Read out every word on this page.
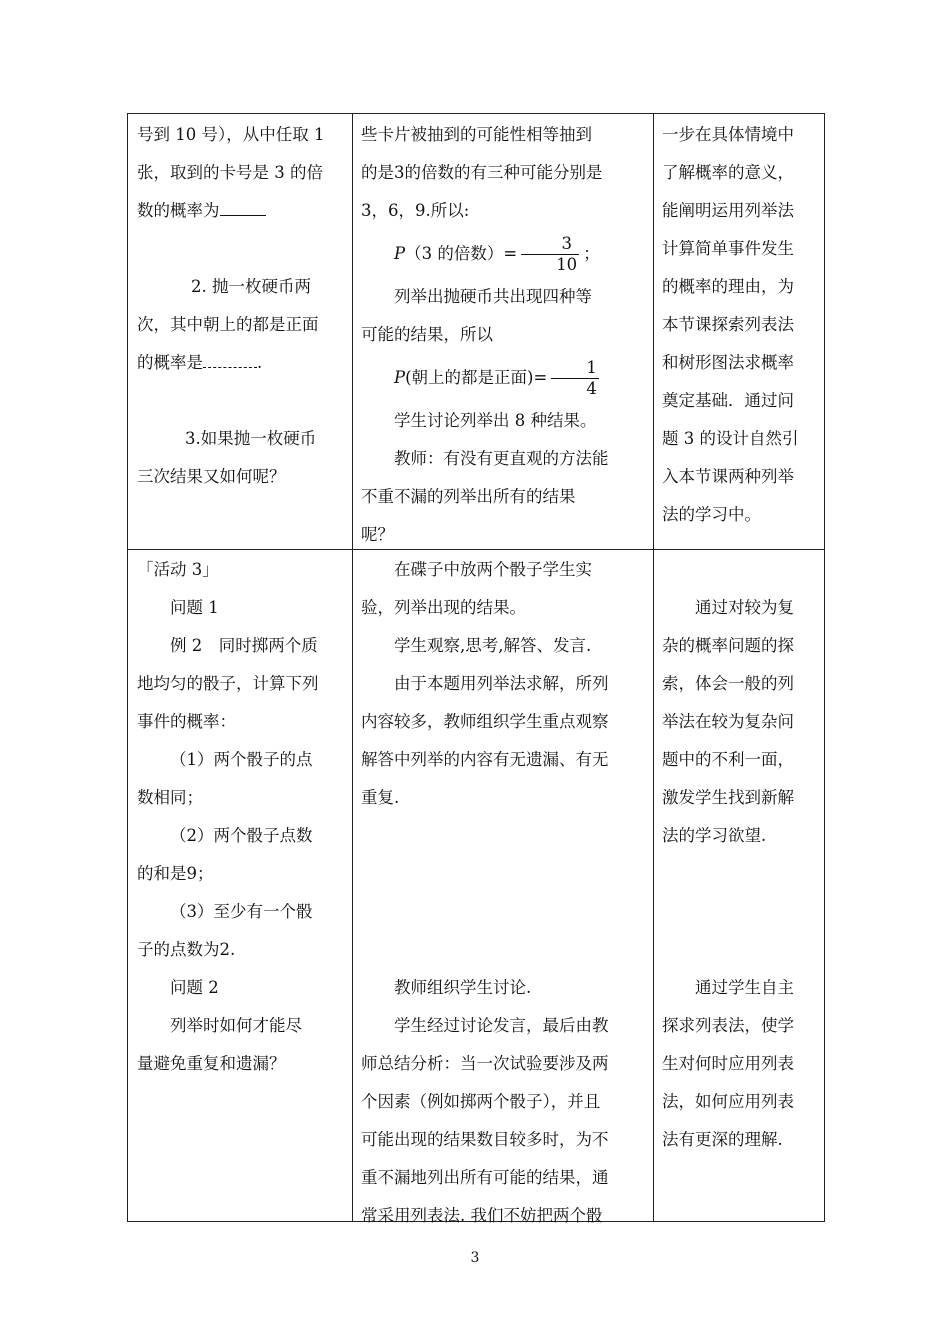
号到 10 号），从中任取 1

张，取到的卡号是 3 的倍

数的概率为

2. 抛一枚硬币两

次，其中朝上的都是正面

的概率是	.

3.如果抛一枚硬币

三次结果又如何呢？

些卡片被抽到的可能性相等抽到

的是3的倍数的有三种可能分别是

3，6，9.所以:

P（3 的倍数）= $\frac{3}{10}$ ；

列举出抛硬币共出现四种等

可能的结果，所以

P(朝上的都是正面)= $\frac{1}{4}$

学生讨论列举出 8 种结果。

教师：有没有更直观的方法能

不重不漏的列举出所有的结果

呢？

一步在具体情境中

了解概率的意义，

能阐明运用列举法

计算简单事件发生

的概率的理由，为

本节课探索列表法

和树形图法求概率

奠定基础．通过问

题 3 的设计自然引

入本节课两种列举

法的学习中。

「活动 3」

问题 1

例 2　同时掷两个质

地均匀的骰子，计算下列

事件的概率：

（1）两个骰子的点

数相同；

（2）两个骰子点数

的和是9；

（3）至少有一个骰

子的点数为2.

问题 2

列举时如何才能尽

量避免重复和遗漏？

在碟子中放两个骰子学生实

验，列举出现的结果。

学生观察,思考,解答、发言.

由于本题用列举法求解，所列

内容较多，教师组织学生重点观察

解答中列举的内容有无遗漏、有无

重复.

教师组织学生讨论.

学生经过讨论发言，最后由教

师总结分析：当一次试验要涉及两

个因素（例如掷两个骰子），并且

可能出现的结果数目较多时，为不

重不漏地列出所有可能的结果，通

常采用列表法. 我们不妨把两个骰

通过对较为复

杂的概率问题的探

索，体会一般的列

举法在较为复杂问

题中的不利一面，

激发学生找到新解

法的学习欲望.

通过学生自主

探求列表法，使学

生对何时应用列表

法，如何应用列表

法有更深的理解.

3
